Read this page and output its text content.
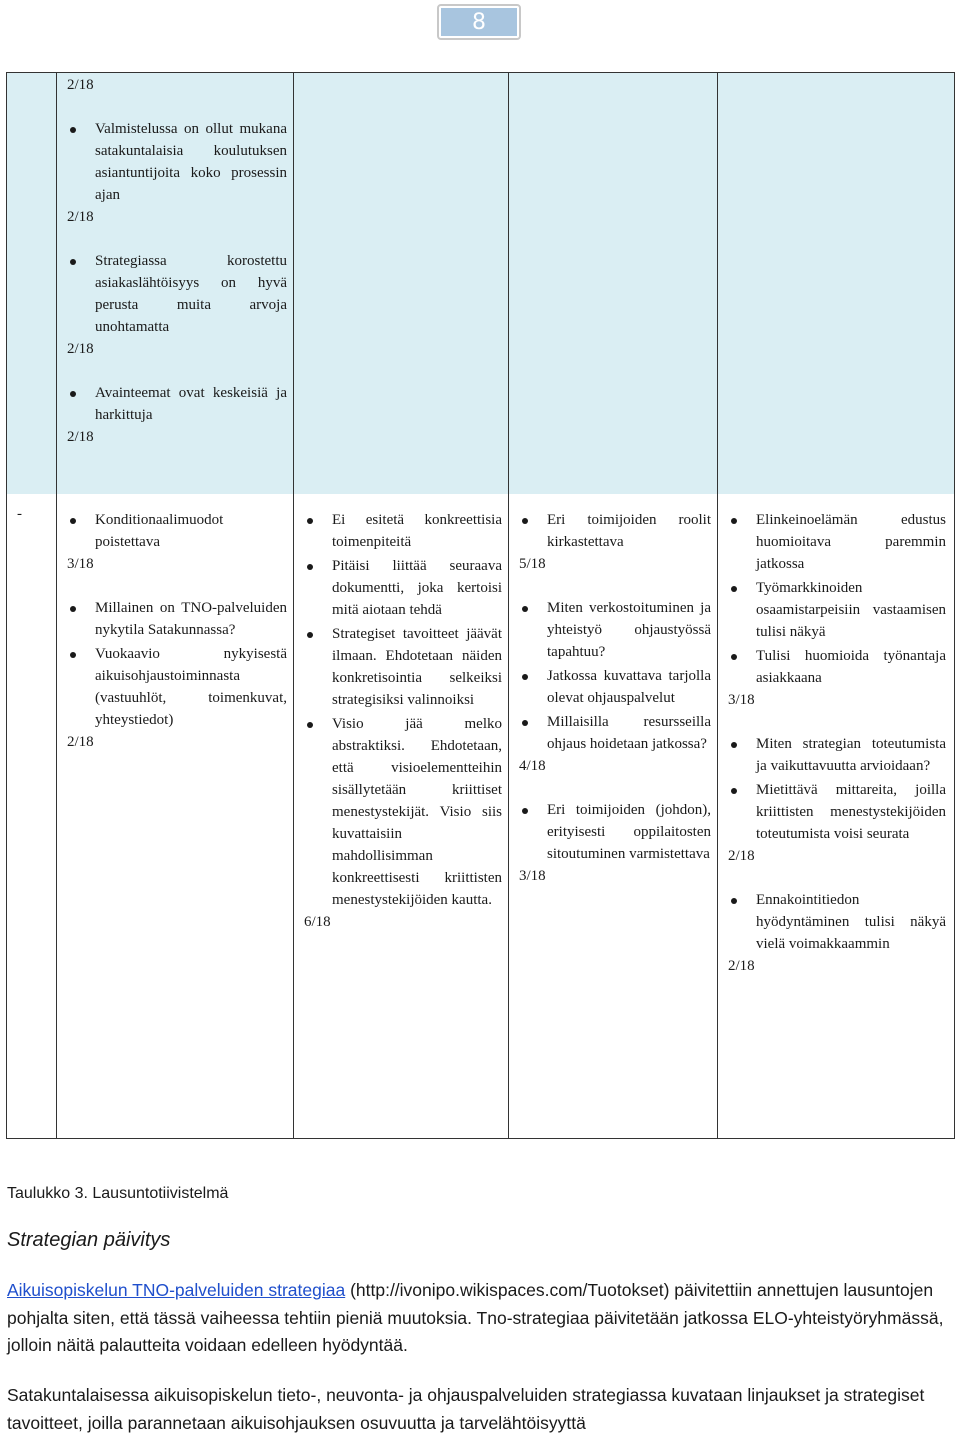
8

2/18

Valmistelussa on ollut mukana satakuntalaisia koulutuksen asiantuntijoita koko prosessin ajan

2/18

Strategiassa korostettu asiakaslähtöisyys on hyvä perusta muita arvoja unohtamatta

2/18

Avainteemat ovat keskeisiä ja harkittuja

2/18

-	Konditionaalimuodot poistettava

3/18

Millainen on TNO-palveluiden nykytila Satakunnassa?

Vuokaavio nykyisestä aikuisohjaustoiminnasta (vastuuhlöt, toimenkuvat, yhteystiedot)

2/18

Ei esitetä konkreettisia toimenpiteitä

Pitäisi liittää seuraava dokumentti, joka kertoisi mitä aiotaan tehdä

Strategiset tavoitteet jäävät ilmaan. Ehdotetaan näiden konkretisointia selkeiksi strategisiksi valinnoiksi

Visio jää melko abstraktiksi. Ehdotetaan, että visioelementteihin sisällytetään kriittiset menestystekijät. Visio siis kuvattaisiin mahdollisimman konkreettisesti kriittisten menestystekijöiden kautta.

6/18

Eri toimijoiden roolit kirkastettava

5/18

Miten verkostoituminen ja yhteistyö ohjaustyössä tapahtuu?

Jatkossa kuvattava tarjolla olevat ohjauspalvelut

Millaisilla resursseilla ohjaus hoidetaan jatkossa?

4/18

Eri toimijoiden (johdon), erityisesti oppilaitosten sitoutuminen varmistettava

3/18

Elinkeinoelämän edustus huomioitava paremmin jatkossa

Työmarkkinoiden osaamistarpeisiin vastaamisen tulisi näkyä

Tulisi huomioida työnantaja asiakkaana

3/18

Miten strategian toteutumista ja vaikuttavuutta arvioidaan?

Mietittävä mittareita, joilla kriittisten menestystekijöiden toteutumista voisi seurata

2/18

Ennakointitiedon hyödyntäminen tulisi näkyä vielä voimakkaammin

2/18

Taulukko 3. Lausuntotiivistelmä
Strategian päivitys

Aikuisopiskelun TNO-palveluiden strategiaa (http://ivonipo.wikispaces.com/Tuotokset) päivitettiin annettujen lausuntojen pohjalta siten, että tässä vaiheessa tehtiin pieniä muutoksia. Tno-strategiaa päivitetään jatkossa ELO-yhteistyöryhmässä, jolloin näitä palautteita voidaan edelleen hyödyntää.

Satakuntalaisessa aikuisopiskelun tieto-, neuvonta- ja ohjauspalveluiden strategiassa kuvataan linjaukset ja strategiset tavoitteet, joilla parannetaan aikuisohjauksen osuvuutta ja tarvelähtöisyyttä
